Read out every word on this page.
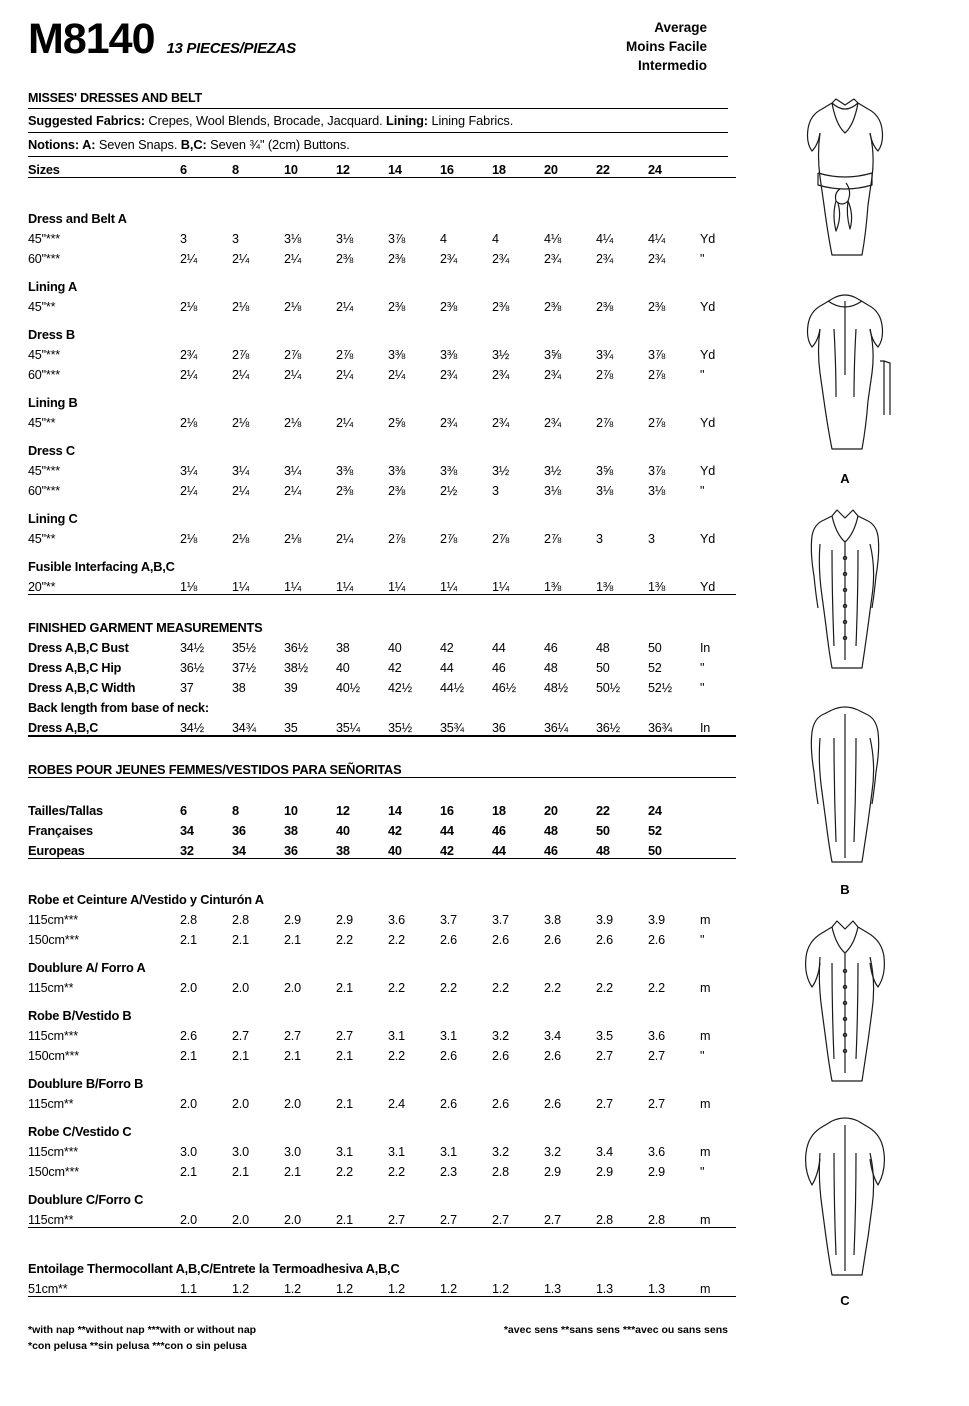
M8140 13 PIECES/PIEZAS
Average
Moins Facile
Intermedio
MISSES' DRESSES AND BELT
Suggested Fabrics: Crepes, Wool Blends, Brocade, Jacquard. Lining: Lining Fabrics.
Notions: A: Seven Snaps. B,C: Seven ¾" (2cm) Buttons.
Sizes	6	8	10	12	14	16	18	20	22	24	

Dress and Belt A											
45"***	3	3	3⅛	3⅛	3⅞	4	4	4⅛	4¼	4¼	Yd
60"***	2¼	2¼	2¼	2⅜	2⅜	2¾	2¾	2¾	2¾	2¾	"
Lining A											
45"**	2⅛	2⅛	2⅛	2¼	2⅜	2⅜	2⅜	2⅜	2⅜	2⅜	Yd
Dress B											
45"***	2¾	2⅞	2⅞	2⅞	3⅜	3⅜	3½	3⅝	3¾	3⅞	Yd
60"***	2¼	2¼	2¼	2¼	2¼	2¾	2¾	2¾	2⅞	2⅞	"
Lining B											
45"**	2⅛	2⅛	2⅛	2¼	2⅝	2¾	2¾	2¾	2⅞	2⅞	Yd
Dress C											
45"***	3¼	3¼	3¼	3⅜	3⅜	3⅜	3½	3½	3⅝	3⅞	Yd
60"***	2¼	2¼	2¼	2⅜	2⅜	2½	3	3⅛	3⅛	3⅛	"
Lining C											
45"**	2⅛	2⅛	2⅛	2¼	2⅞	2⅞	2⅞	2⅞	3	3	Yd
Fusible Interfacing A,B,C											
20"**	1⅛	1¼	1¼	1¼	1¼	1¼	1¼	1⅜	1⅜	1⅜	Yd

FINISHED GARMENT MEASUREMENTS											
Dress A,B,C Bust	34½	35½	36½	38	40	42	44	46	48	50	In
Dress A,B,C Hip	36½	37½	38½	40	42	44	46	48	50	52	"
Dress A,B,C Width	37	38	39	40½	42½	44½	46½	48½	50½	52½	"
Back length from base of neck:											
Dress A,B,C	34½	34¾	35	35¼	35½	35¾	36	36¼	36½	36¾	In

ROBES POUR JEUNES FEMMES/VESTIDOS PARA SEÑORITAS											

Tailles/Tallas	6	8	10	12	14	16	18	20	22	24	
Françaises	34	36	38	40	42	44	46	48	50	52	
Europeas	32	34	36	38	40	42	44	46	48	50	

Robe et Ceinture A/Vestido y Cinturón A											
115cm***	2.8	2.8	2.9	2.9	3.6	3.7	3.7	3.8	3.9	3.9	m
150cm***	2.1	2.1	2.1	2.2	2.2	2.6	2.6	2.6	2.6	2.6	"
Doublure A/ Forro A											
115cm**	2.0	2.0	2.0	2.1	2.2	2.2	2.2	2.2	2.2	2.2	m
Robe B/Vestido B											
115cm***	2.6	2.7	2.7	2.7	3.1	3.1	3.2	3.4	3.5	3.6	m
150cm***	2.1	2.1	2.1	2.1	2.2	2.6	2.6	2.6	2.7	2.7	"
Doublure B/Forro B											
115cm**	2.0	2.0	2.0	2.1	2.4	2.6	2.6	2.6	2.7	2.7	m
Robe C/Vestido C											
115cm***	3.0	3.0	3.0	3.1	3.1	3.1	3.2	3.2	3.4	3.6	m
150cm***	2.1	2.1	2.1	2.2	2.2	2.3	2.8	2.9	2.9	2.9	"
Doublure C/Forro C											
115cm**	2.0	2.0	2.0	2.1	2.7	2.7	2.7	2.7	2.8	2.8	m

Entoilage Thermocollant A,B,C/Entrete la Termoadhesiva A,B,C											
51cm**	1.1	1.2	1.2	1.2	1.2	1.2	1.2	1.3	1.3	1.3	m

*with nap **without nap ***with or without nap
*con pelusa **sin pelusa ***con o sin pelusa
*avec sens **sans sens ***avec ou sans sens
A
B
C
